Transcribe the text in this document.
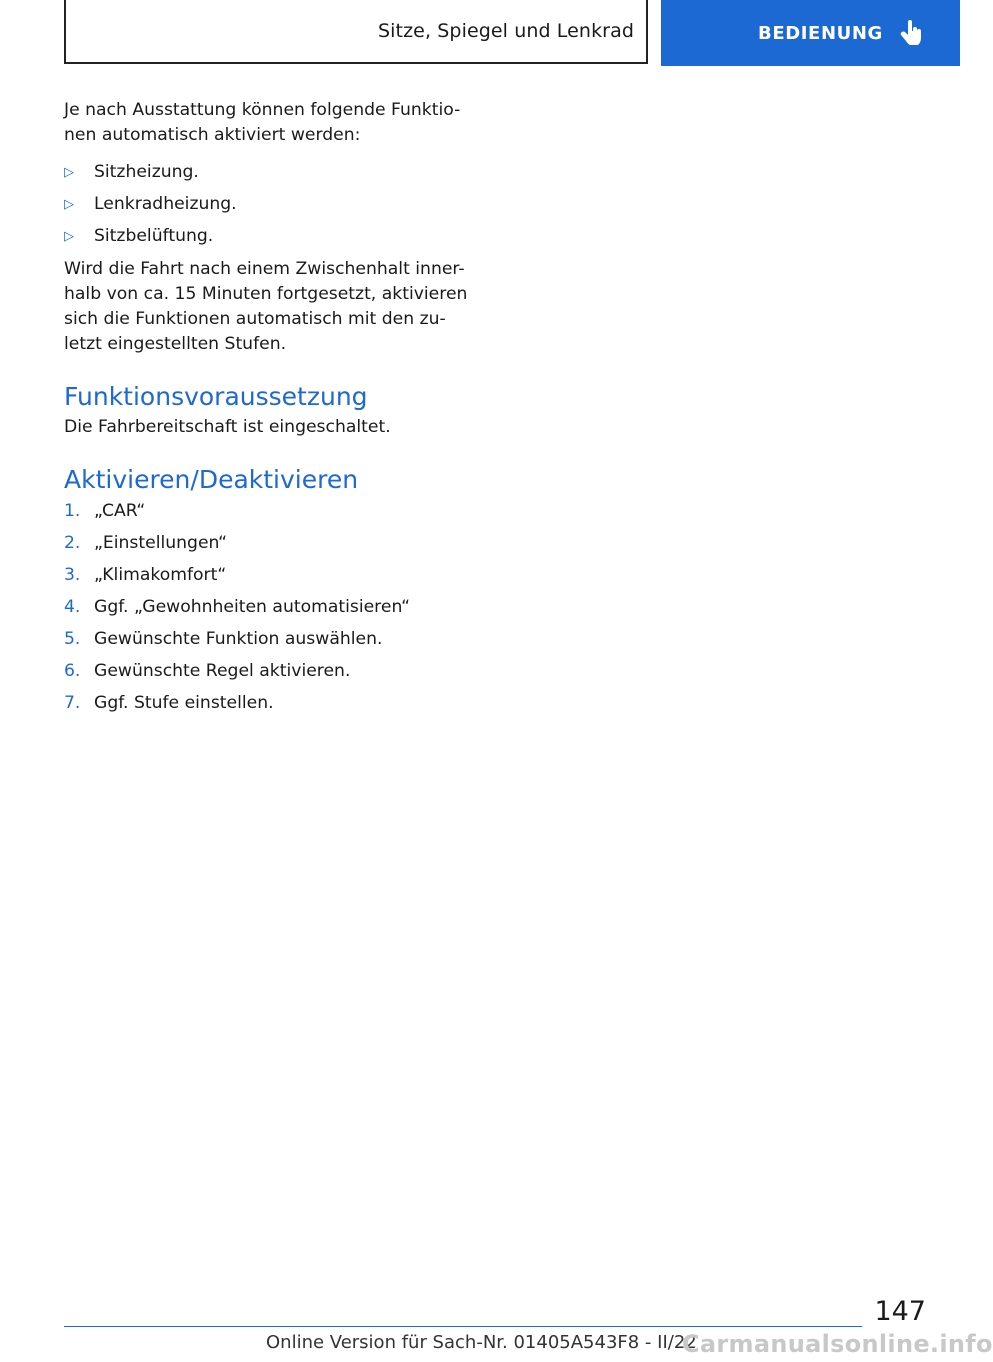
Sitze, Spiegel und Lenkrad	BEDIENUNG

Je nach Ausstattung können folgende Funktio-
nen automatisch aktiviert werden:

▷	Sitzheizung.
▷	Lenkradheizung.
▷	Sitzbelüftung.

Wird die Fahrt nach einem Zwischenhalt inner-
halb von ca. 15 Minuten fortgesetzt, aktivieren
sich die Funktionen automatisch mit den zu-
letzt eingestellten Stufen.

Funktionsvoraussetzung

Die Fahrbereitschaft ist eingeschaltet.

Aktivieren/Deaktivieren
1. „CAR“
2. „Einstellungen“
3. „Klimakomfort“
4. Ggf. „Gewohnheiten automatisieren“
5. Gewünschte Funktion auswählen.
6. Gewünschte Regel aktivieren.
7. Ggf. Stufe einstellen.
147
Online Version für Sach-Nr. 01405A543F8 - II/22
Carmanualsonline.info
